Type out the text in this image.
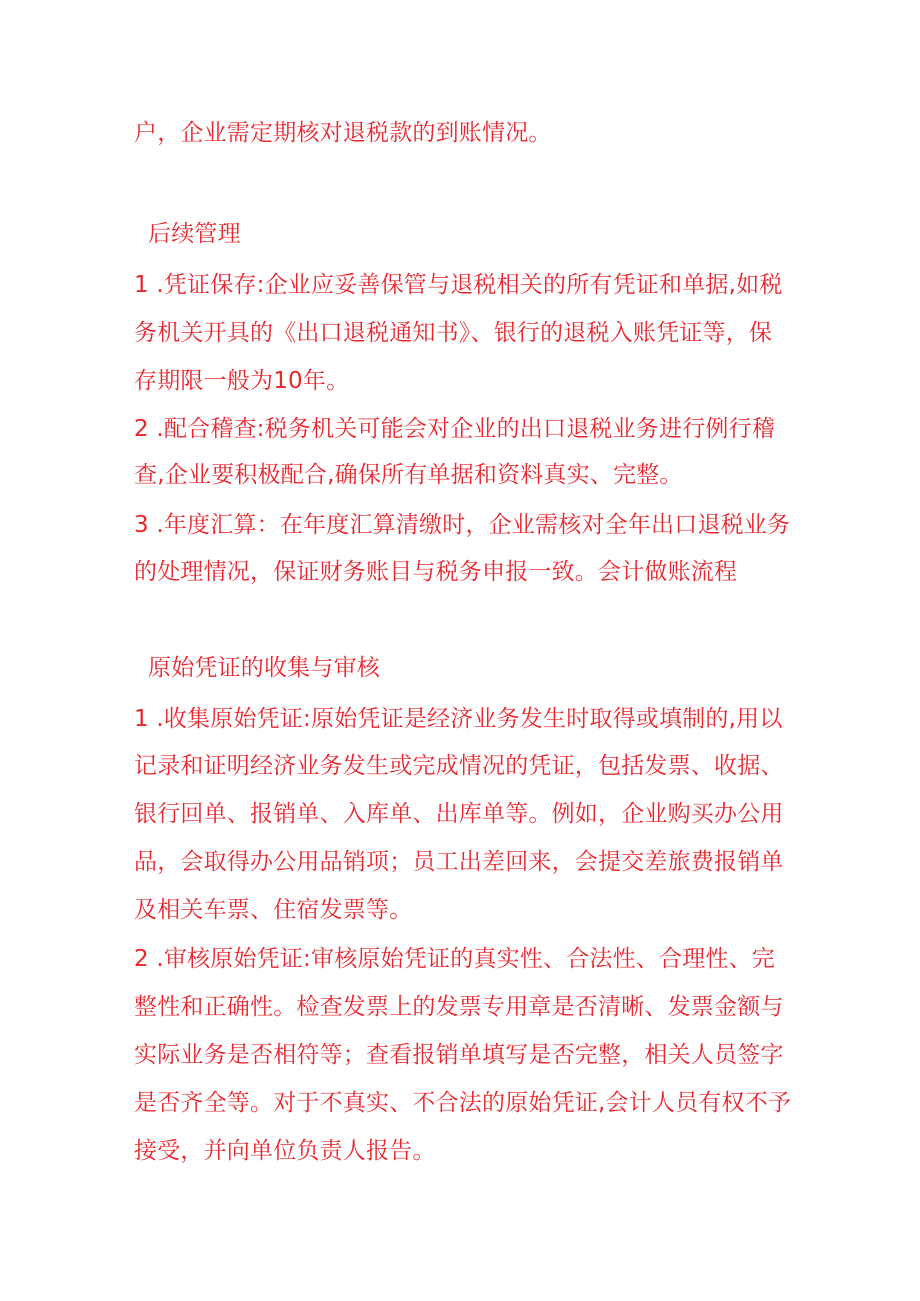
户，企业需定期核对退税款的到账情况。
后续管理
1 .凭证保存:企业应妥善保管与退税相关的所有凭证和单据,如税
务机关开具的《出口退税通知书》、银行的退税入账凭证等，保
存期限一般为10年。
2 .配合稽查:税务机关可能会对企业的出口退税业务进行例行稽
查,企业要积极配合,确保所有单据和资料真实、完整。
3 .年度汇算：在年度汇算清缴时，企业需核对全年出口退税业务
的处理情况，保证财务账目与税务申报一致。会计做账流程
原始凭证的收集与审核
1 .收集原始凭证:原始凭证是经济业务发生时取得或填制的,用以
记录和证明经济业务发生或完成情况的凭证，包括发票、收据、
银行回单、报销单、入库单、出库单等。例如，企业购买办公用
品，会取得办公用品销项；员工出差回来，会提交差旅费报销单
及相关车票、住宿发票等。
2 .审核原始凭证:审核原始凭证的真实性、合法性、合理性、完
整性和正确性。检查发票上的发票专用章是否清晰、发票金额与
实际业务是否相符等；查看报销单填写是否完整，相关人员签字
是否齐全等。对于不真实、不合法的原始凭证,会计人员有权不予
接受，并向单位负责人报告。
